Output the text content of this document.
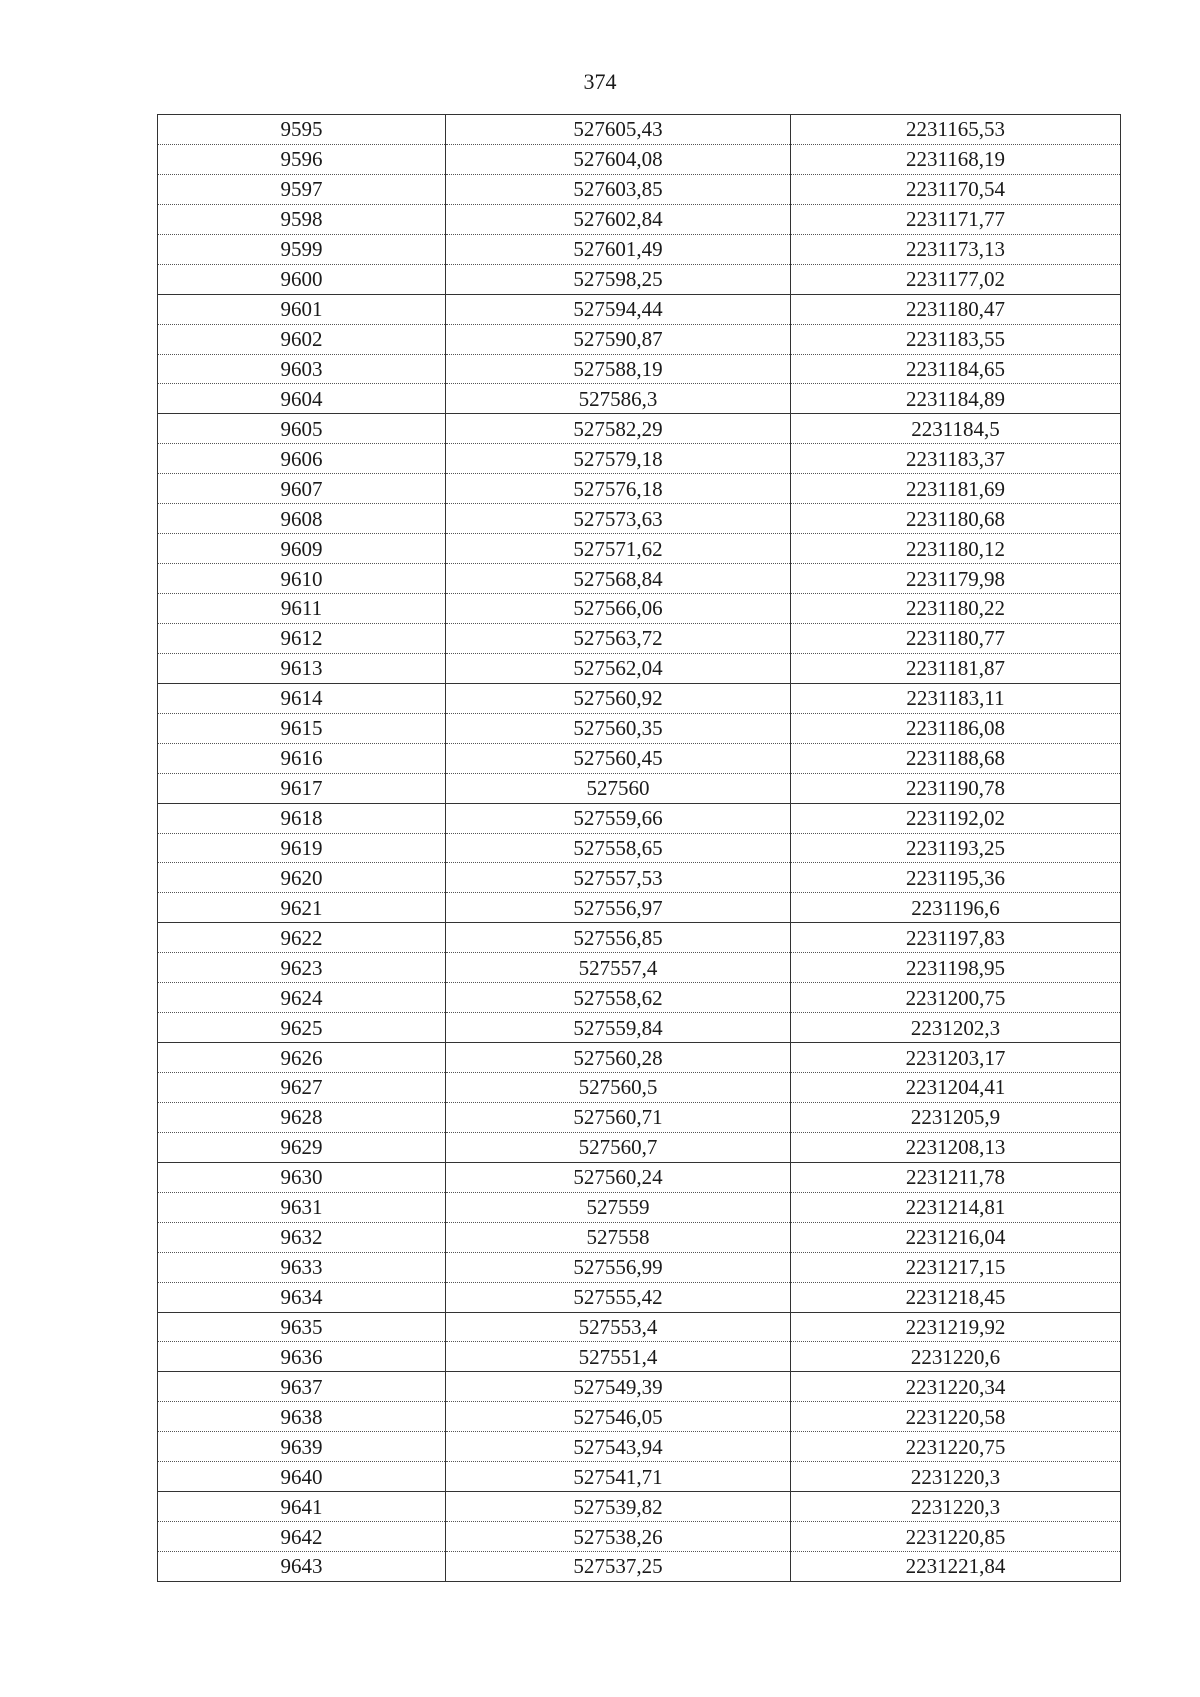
374
9595	527605,43	2231165,53
9596	527604,08	2231168,19
9597	527603,85	2231170,54
9598	527602,84	2231171,77
9599	527601,49	2231173,13
9600	527598,25	2231177,02
9601	527594,44	2231180,47
9602	527590,87	2231183,55
9603	527588,19	2231184,65
9604	527586,3	2231184,89
9605	527582,29	2231184,5
9606	527579,18	2231183,37
9607	527576,18	2231181,69
9608	527573,63	2231180,68
9609	527571,62	2231180,12
9610	527568,84	2231179,98
9611	527566,06	2231180,22
9612	527563,72	2231180,77
9613	527562,04	2231181,87
9614	527560,92	2231183,11
9615	527560,35	2231186,08
9616	527560,45	2231188,68
9617	527560	2231190,78
9618	527559,66	2231192,02
9619	527558,65	2231193,25
9620	527557,53	2231195,36
9621	527556,97	2231196,6
9622	527556,85	2231197,83
9623	527557,4	2231198,95
9624	527558,62	2231200,75
9625	527559,84	2231202,3
9626	527560,28	2231203,17
9627	527560,5	2231204,41
9628	527560,71	2231205,9
9629	527560,7	2231208,13
9630	527560,24	2231211,78
9631	527559	2231214,81
9632	527558	2231216,04
9633	527556,99	2231217,15
9634	527555,42	2231218,45
9635	527553,4	2231219,92
9636	527551,4	2231220,6
9637	527549,39	2231220,34
9638	527546,05	2231220,58
9639	527543,94	2231220,75
9640	527541,71	2231220,3
9641	527539,82	2231220,3
9642	527538,26	2231220,85
9643	527537,25	2231221,84
